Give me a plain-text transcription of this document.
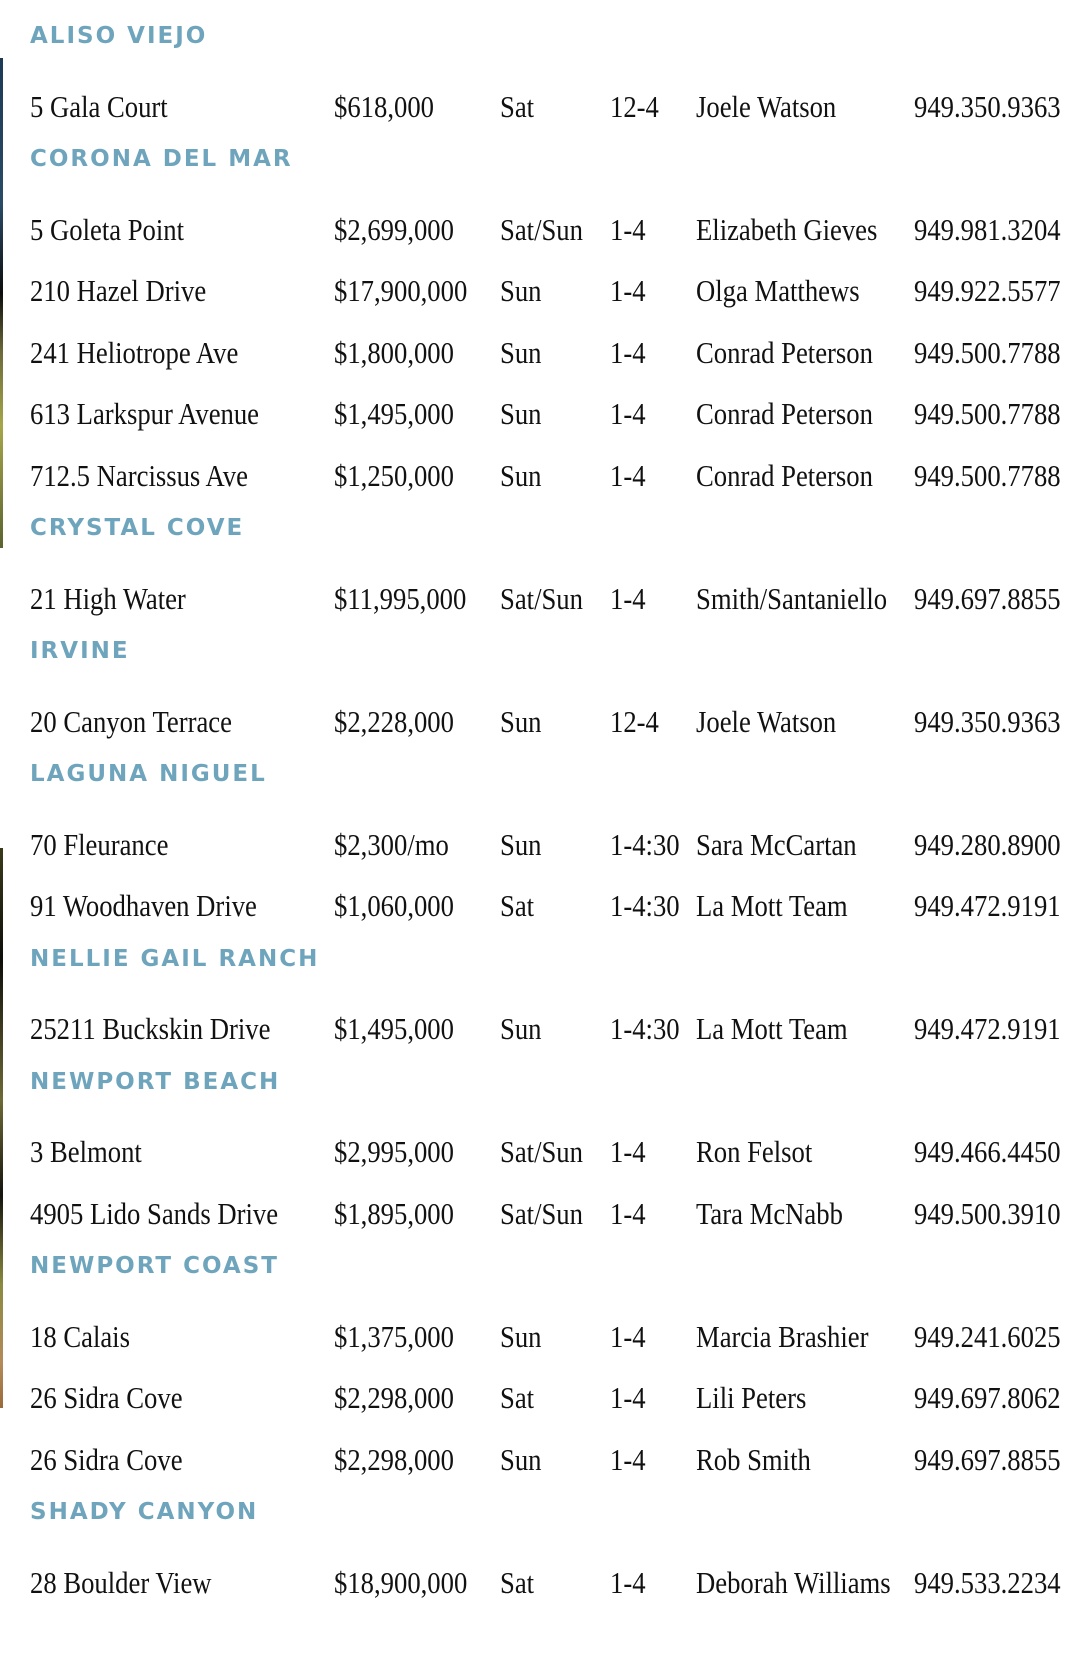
ALISO VIEJO
5 Gala Court	$618,000 Sat 12-4 Joele Watson	949.350.9363
CORONA DEL MAR
5 Goleta Point	$2,699,000 Sat/Sun 1-4 Elizabeth Gieves 949.981.3204
210 Hazel Drive	$17,900,000 Sun 1-4 Olga Matthews 949.922.5577
241 Heliotrope Ave	$1,800,000 Sun 1-4 Conrad Peterson 949.500.7788
613 Larkspur Avenue $1,495,000 Sun 1-4 Conrad Peterson 949.500.7788
712.5 Narcissus Ave	$1,250,000 Sun 1-4 Conrad Peterson 949.500.7788
CRYSTAL COVE
21 High Water	$11,995,000 Sat/Sun 1-4 Smith/Santaniello 949.697.8855
IRVINE
20 Canyon Terrace	$2,228,000 Sun 12-4 Joele Watson	949.350.9363
LAGUNA NIGUEL
70 Fleurance	$2,300/mo Sun 1-4:30 Sara McCartan 949.280.8900
91 Woodhaven Drive $1,060,000 Sat 1-4:30 La Mott Team 949.472.9191
NELLIE GAIL RANCH
25211 Buckskin Drive $1,495,000 Sun 1-4:30 La Mott Team 949.472.9191
NEWPORT BEACH
3 Belmont	$2,995,000 Sat/Sun 1-4 Ron Felsot	949.466.4450
4905 Lido Sands Drive $1,895,000 Sat/Sun 1-4 Tara McNabb 949.500.3910
NEWPORT COAST
18 Calais	$1,375,000 Sun 1-4 Marcia Brashier 949.241.6025
26 Sidra Cove	$2,298,000 Sat 1-4 Lili Peters	949.697.8062
26 Sidra Cove	$2,298,000 Sun 1-4 Rob Smith	949.697.8855
SHADY CANYON
28 Boulder View	$18,900,000 Sat 1-4 Deborah Williams 949.533.2234
